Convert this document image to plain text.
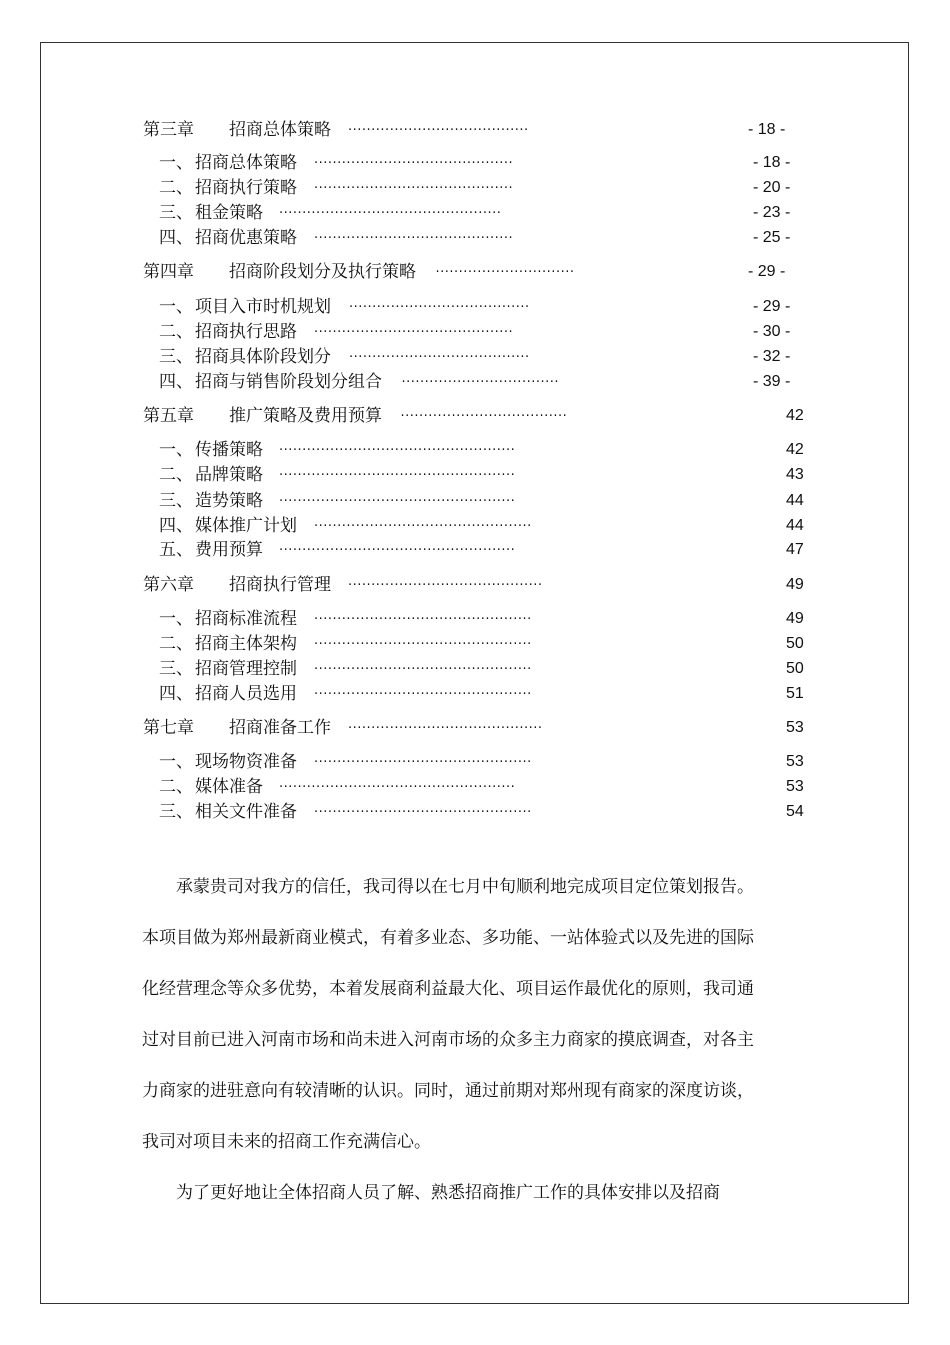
第三章 招商总体策略 .......................................	- 18 -
一、 招商总体策略 ...........................................	- 18 -
二、 招商执行策略 ...........................................	- 20 -
三、 租金策略 ................................................	- 23 -
四、 招商优惠策略 ...........................................	- 25 -
第四章 招商阶段划分及执行策略 ..............................	- 29 -
一、 项目入市时机规划 .......................................	- 29 -
二、 招商执行思路 ...........................................	- 30 -
三、 招商具体阶段划分 .......................................	- 32 -
四、 招商与销售阶段划分组合 ..................................	- 39 -
第五章 推广策略及费用预算 ....................................	42
一、 传播策略 ...................................................	42
二、 品牌策略 ...................................................	43
三、 造势策略 ...................................................	44
四、 媒体推广计划 ...............................................	44
五、 费用预算 ...................................................	47
第六章 招商执行管理 ..........................................	49
一、 招商标准流程 ...............................................	49
二、 招商主体架构 ...............................................	50
三、 招商管理控制 ...............................................	50
四、 招商人员选用 ...............................................	51
第七章 招商准备工作 ..........................................	53
一、 现场物资准备 ...............................................	53
二、 媒体准备 ...................................................	53
三、 相关文件准备 ...............................................	54

承蒙贵司对我方的信任，我司得以在七月中旬顺利地完成项目定位策划报告。本项目做为郑州最新商业模式，有着多业态、多功能、一站体验式以及先进的国际化经营理念等众多优势，本着发展商利益最大化、项目运作最优化的原则，我司通过对目前已进入河南市场和尚未进入河南市场的众多主力商家的摸底调查，对各主力商家的进驻意向有较清晰的认识。同时，通过前期对郑州现有商家的深度访谈，我司对项目未来的招商工作充满信心。

为了更好地让全体招商人员了解、熟悉招商推广工作的具体安排以及招商
